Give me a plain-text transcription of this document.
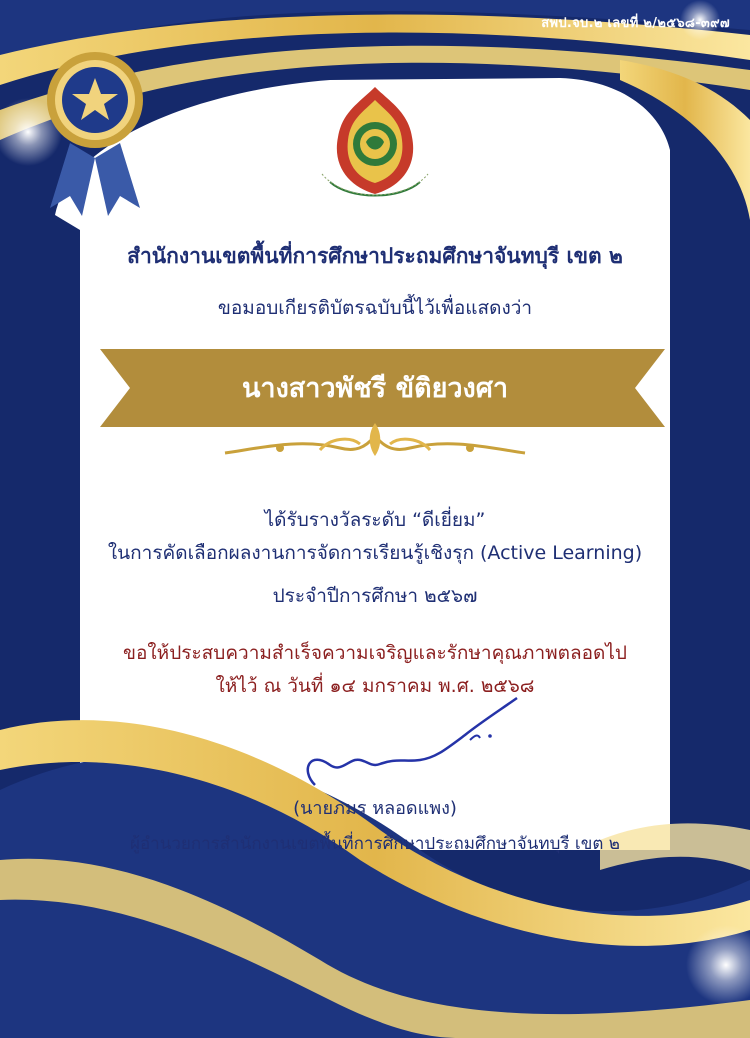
สพป.จบ.๒ เลขที่ ๒/๒๕๖๘-๓๙๗
สำนักงานเขตพื้นที่การศึกษาประถมศึกษาจันทบุรี เขต ๒
ขอมอบเกียรติบัตรฉบับนี้ไว้เพื่อแสดงว่า
นางสาวพัชรี ขัติยวงศา
ได้รับรางวัลระดับ “ดีเยี่ยม”
ในการคัดเลือกผลงานการจัดการเรียนรู้เชิงรุก (Active Learning)
ประจำปีการศึกษา ๒๕๖๗
ขอให้ประสบความสำเร็จความเจริญและรักษาคุณภาพตลอดไป
ให้ไว้ ณ วันที่ ๑๔ มกราคม พ.ศ. ๒๕๖๘
(นายภมร หลอดแพง)
ผู้อำนวยการสำนักงานเขตพื้นที่การศึกษาประถมศึกษาจันทบุรี เขต ๒
